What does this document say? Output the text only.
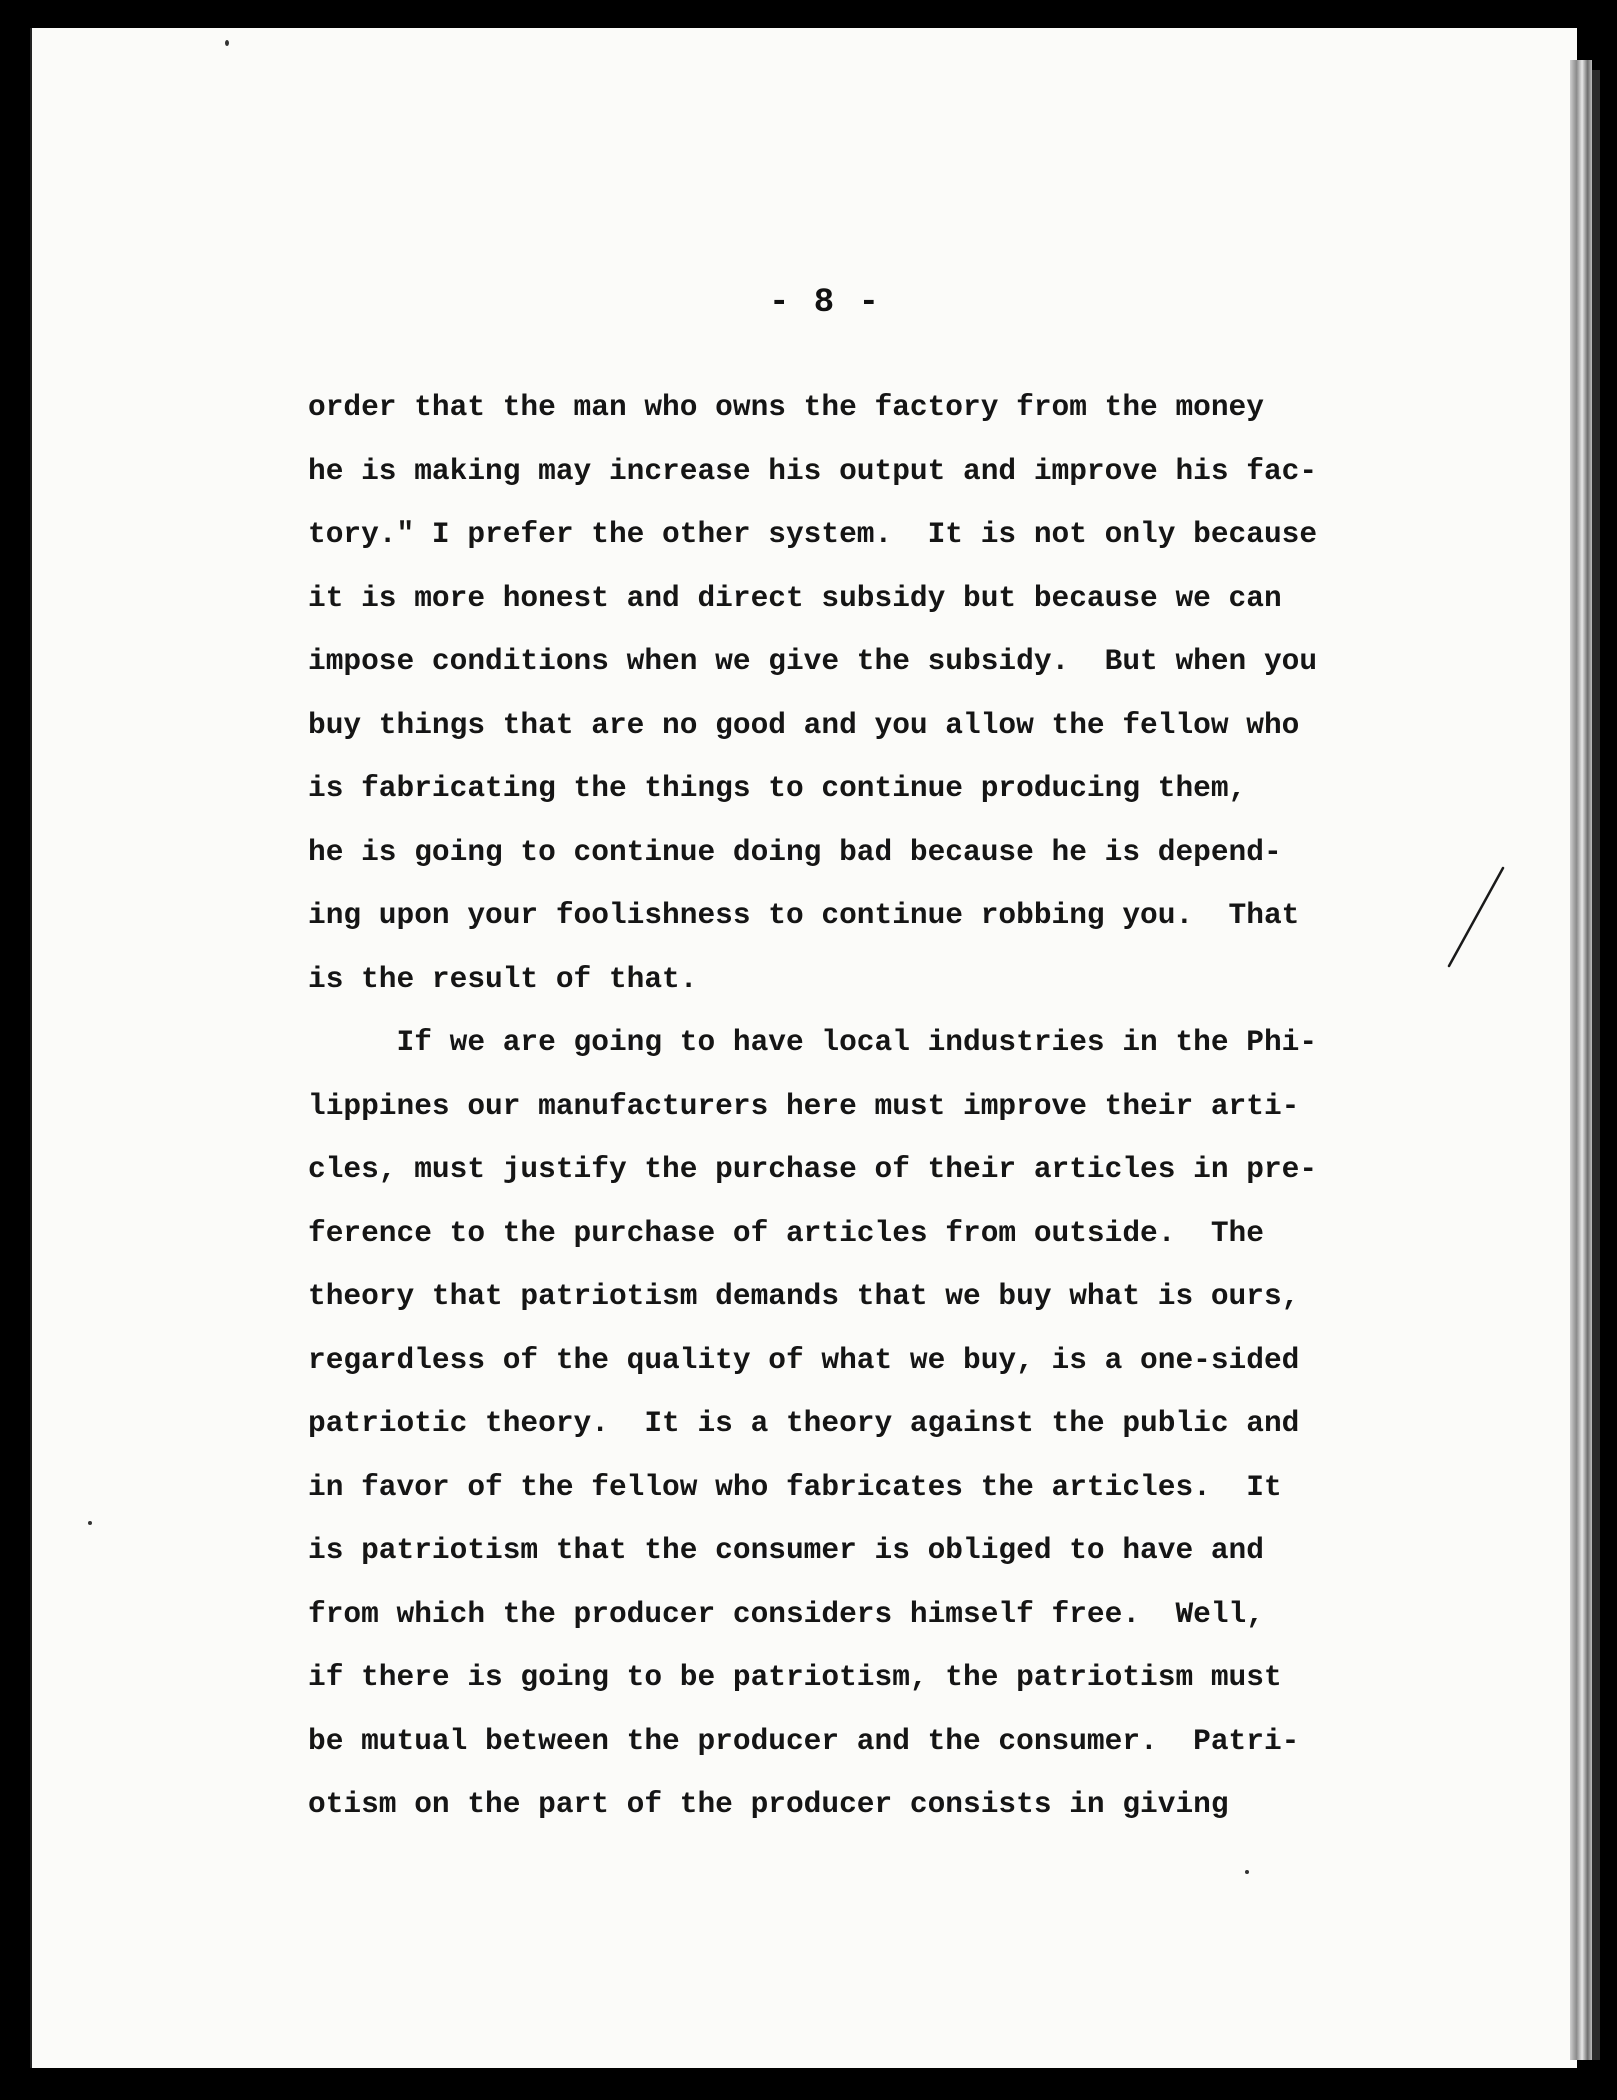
- 8 -
order that the man who owns the factory from the money
he is making may increase his output and improve his fac-
tory." I prefer the other system.  It is not only because
it is more honest and direct subsidy but because we can
impose conditions when we give the subsidy.  But when you
buy things that are no good and you allow the fellow who
is fabricating the things to continue producing them,
he is going to continue doing bad because he is depend-
ing upon your foolishness to continue robbing you.  That
is the result of that.
If we are going to have local industries in the Phi-
lippines our manufacturers here must improve their arti-
cles, must justify the purchase of their articles in pre-
ference to the purchase of articles from outside.  The
theory that patriotism demands that we buy what is ours,
regardless of the quality of what we buy, is a one-sided
patriotic theory.  It is a theory against the public and
in favor of the fellow who fabricates the articles.  It
is patriotism that the consumer is obliged to have and
from which the producer considers himself free.  Well,
if there is going to be patriotism, the patriotism must
be mutual between the producer and the consumer.  Patri-
otism on the part of the producer consists in giving
